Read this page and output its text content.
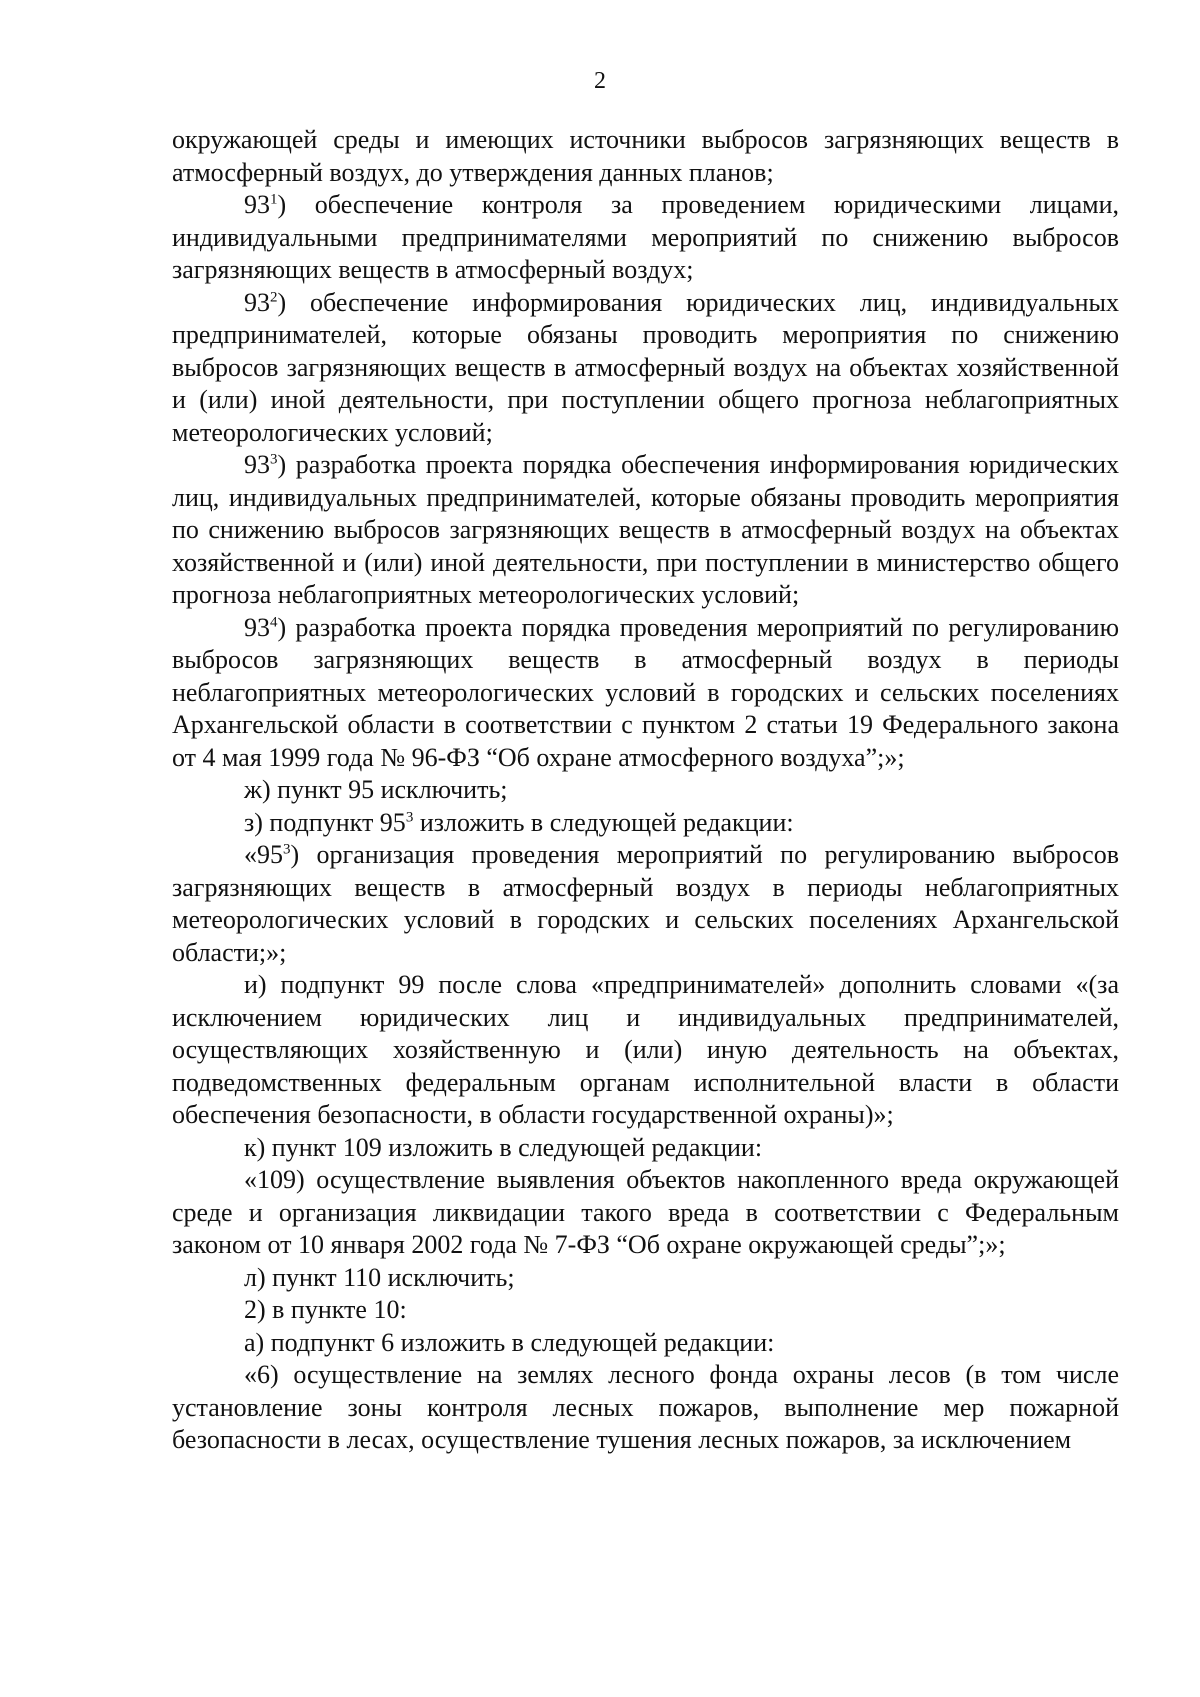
2

окружающей среды и имеющих источники выбросов загрязняющих веществ в атмосферный воздух, до утверждения данных планов;

$93^1$) обеспечение контроля за проведением юридическими лицами, индивидуальными предпринимателями мероприятий по снижению выбросов загрязняющих веществ в атмосферный воздух;

$93^2$) обеспечение информирования юридических лиц, индивидуальных предпринимателей, которые обязаны проводить мероприятия по снижению выбросов загрязняющих веществ в атмосферный воздух на объектах хозяйственной и (или) иной деятельности, при поступлении общего прогноза неблагоприятных метеорологических условий;

$93^3$) разработка проекта порядка обеспечения информирования юридических лиц, индивидуальных предпринимателей, которые обязаны проводить мероприятия по снижению выбросов загрязняющих веществ в атмосферный воздух на объектах хозяйственной и (или) иной деятельности, при поступлении в министерство общего прогноза неблагоприятных метеорологических условий;

$93^4$) разработка проекта порядка проведения мероприятий по регулированию выбросов загрязняющих веществ в атмосферный воздух в периоды неблагоприятных метеорологических условий в городских и сельских поселениях Архангельской области в соответствии с пунктом 2 статьи 19 Федерального закона от 4 мая 1999 года № 96-ФЗ “Об охране атмосферного воздуха”;»;

ж) пункт 95 исключить;

з) подпункт $95^3$ изложить в следующей редакции:

«$95^3$) организация проведения мероприятий по регулированию выбросов загрязняющих веществ в атмосферный воздух в периоды неблагоприятных метеорологических условий в городских и сельских поселениях Архангельской области;»;

и) подпункт 99 после слова «предпринимателей» дополнить словами «(за исключением юридических лиц и индивидуальных предпринимателей, осуществляющих хозяйственную и (или) иную деятельность на объектах, подведомственных федеральным органам исполнительной власти в области обеспечения безопасности, в области государственной охраны)»;

к) пункт 109 изложить в следующей редакции:

«109) осуществление выявления объектов накопленного вреда окружающей среде и организация ликвидации такого вреда в соответствии с Федеральным законом от 10 января 2002 года № 7-ФЗ “Об охране окружающей среды”;»;

л) пункт 110 исключить;

2) в пункте 10:

а) подпункт 6 изложить в следующей редакции:

«6) осуществление на землях лесного фонда охраны лесов (в том числе установление зоны контроля лесных пожаров, выполнение мер пожарной безопасности в лесах, осуществление тушения лесных пожаров, за исключением
